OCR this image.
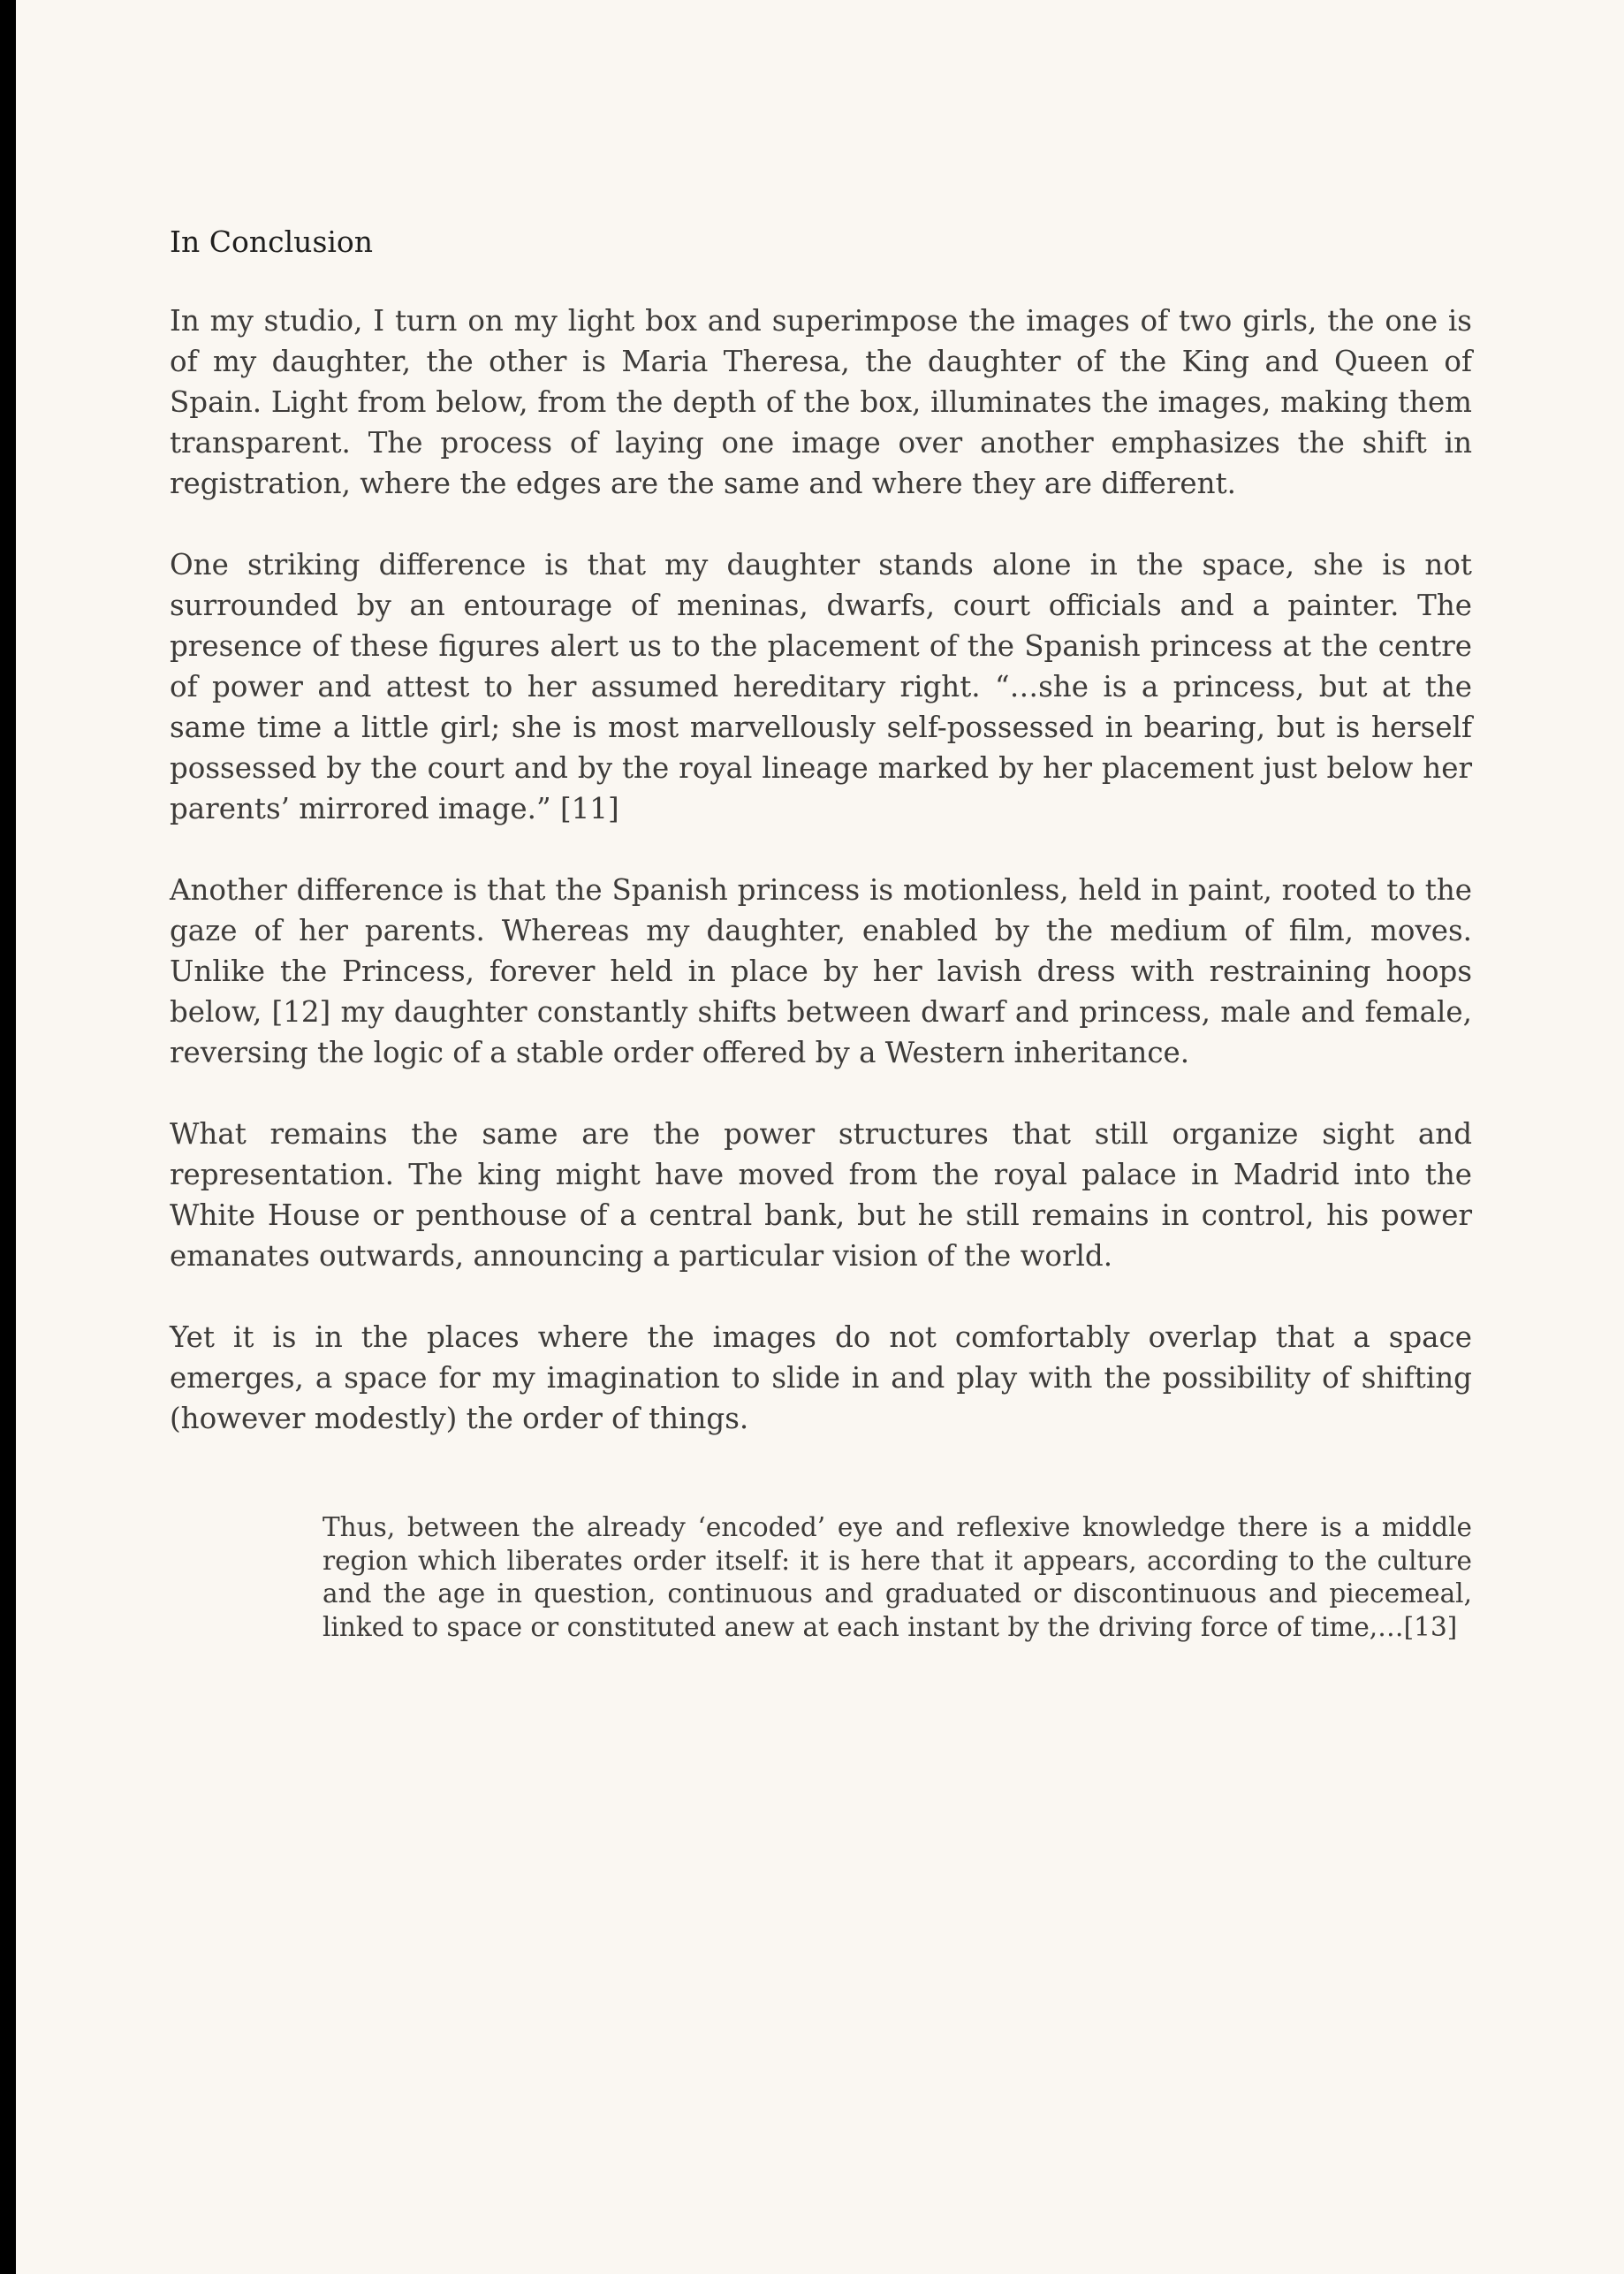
In Conclusion

In my studio, I turn on my light box and superimpose the images of two girls, the one is of my daughter, the other is Maria Theresa, the daughter of the King and Queen of Spain. Light from below, from the depth of the box, illuminates the images, making them transparent. The process of laying one image over another emphasizes the shift in registration, where the edges are the same and where they are different.

One striking difference is that my daughter stands alone in the space, she is not surrounded by an entourage of meninas, dwarfs, court officials and a painter. The presence of these figures alert us to the placement of the Spanish princess at the centre of power and attest to her assumed hereditary right. “…she is a princess, but at the same time a little girl; she is most marvellously self-possessed in bearing, but is herself possessed by the court and by the royal lineage marked by her placement just below her parents’ mirrored image.” [11]

Another difference is that the Spanish princess is motionless, held in paint, rooted to the gaze of her parents. Whereas my daughter, enabled by the medium of film, moves. Unlike the Princess, forever held in place by her lavish dress with restraining hoops below, [12] my daughter constantly shifts between dwarf and princess, male and female, reversing the logic of a stable order offered by a Western inheritance.

What remains the same are the power structures that still organize sight and representation. The king might have moved from the royal palace in Madrid into the White House or penthouse of a central bank, but he still remains in control, his power emanates outwards, announcing a particular vision of the world.

Yet it is in the places where the images do not comfortably overlap that a space emerges, a space for my imagination to slide in and play with the possibility of shifting (however modestly) the order of things.

Thus, between the already ‘encoded’ eye and reflexive knowledge there is a middle region which liberates order itself: it is here that it appears, according to the culture and the age in question, continuous and graduated or discontinuous and piecemeal, linked to space or constituted anew at each instant by the driving force of time,…[13]
